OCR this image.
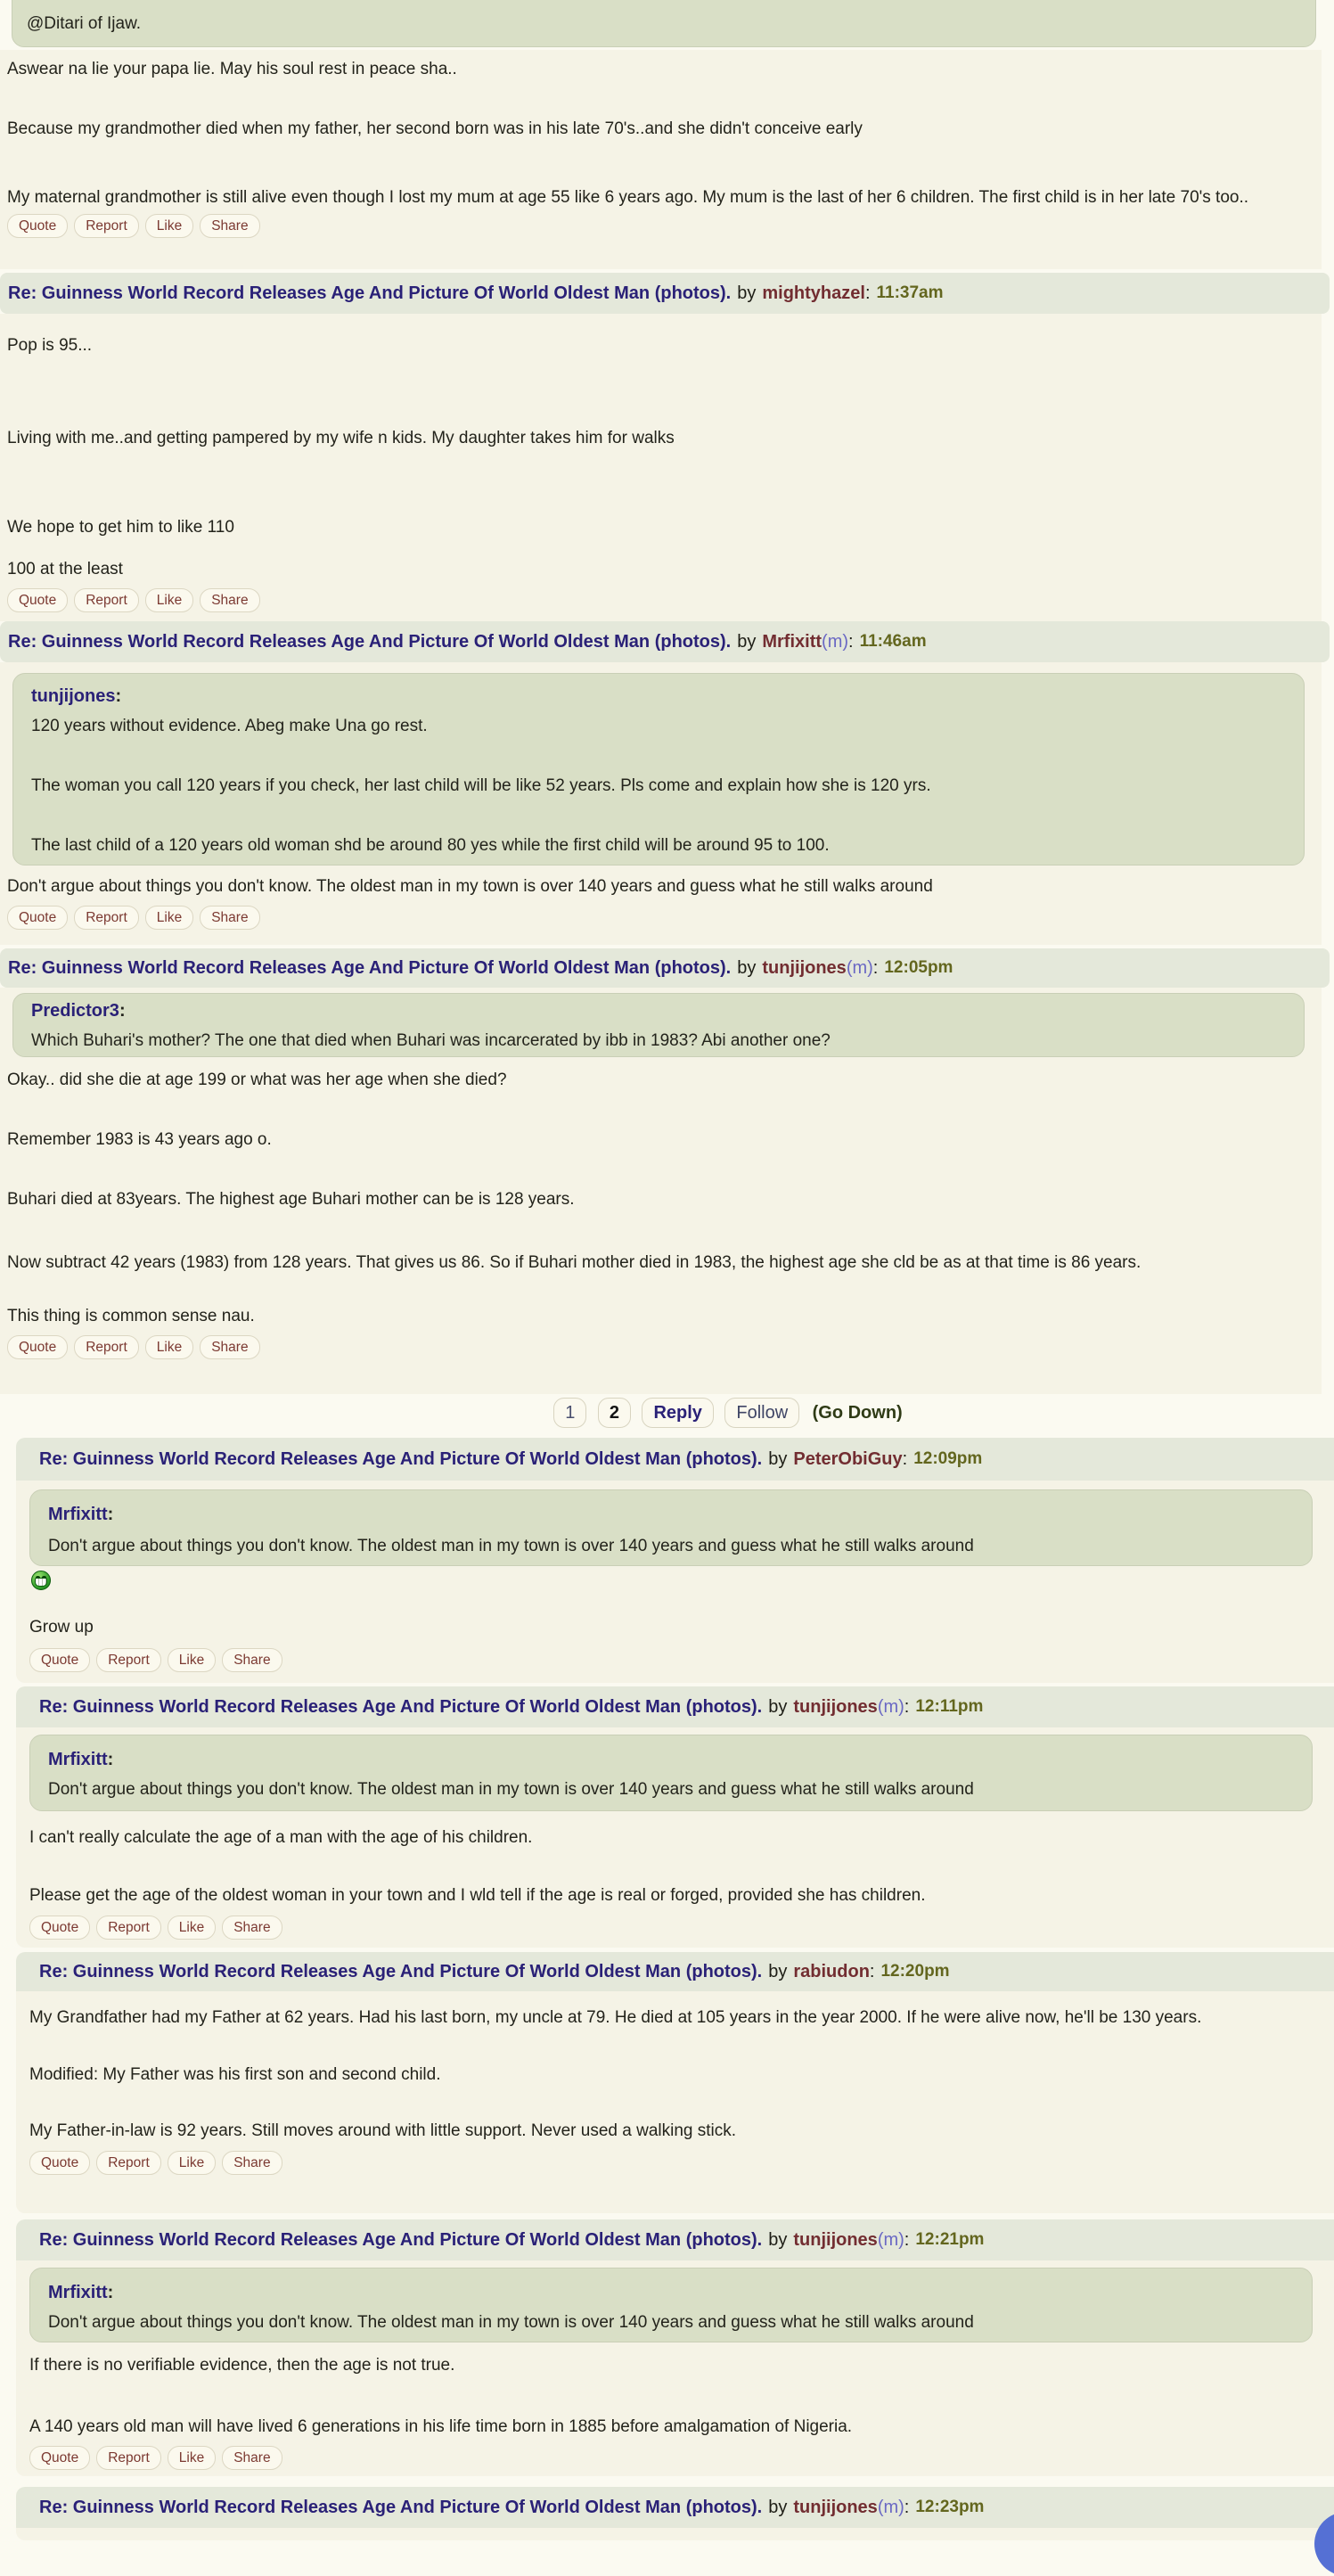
@Ditari of Ijaw.

Aswear na lie your papa lie. May his soul rest in peace sha..

Because my grandmother died when my father, her second born was in his late 70's..and she didn't conceive early

My maternal grandmother is still alive even though I lost my mum at age 55 like 6 years ago. My mum is the last of her 6 children. The first child is in her late 70's too..

Quote	Report	Like	Share
Re: Guinness World Record Releases Age And Picture Of World Oldest Man (photos). by mightyhazel : 11:37am

Pop is 95...

Living with me..and getting pampered by my wife n kids. My daughter takes him for walks

We hope to get him to like 110

100 at the least

Quote	Report	Like	Share
Re: Guinness World Record Releases Age And Picture Of World Oldest Man (photos). by Mrfixitt (m) : 11:46am
tunjijones:

120 years without evidence. Abeg make Una go rest.

The woman you call 120 years if you check, her last child will be like 52 years. Pls come and explain how she is 120 yrs.

The last child of a 120 years old woman shd be around 80 yes while the first child will be around 95 to 100.

Don't argue about things you don't know. The oldest man in my town is over 140 years and guess what he still walks around

Quote	Report	Like	Share
Re: Guinness World Record Releases Age And Picture Of World Oldest Man (photos). by tunjijones (m) : 12:05pm
Predictor3:

Which Buhari's mother? The one that died when Buhari was incarcerated by ibb in 1983? Abi another one?

Okay.. did she die at age 199 or what was her age when she died?

Remember 1983 is 43 years ago o.

Buhari died at 83years. The highest age Buhari mother can be is 128 years.

Now subtract 42 years (1983) from 128 years. That gives us 86. So if Buhari mother died in 1983, the highest age she cld be as at that time is 86 years.

This thing is common sense nau.

Quote	Report	Like	Share
1 2 Reply Follow (Go Down)
Re: Guinness World Record Releases Age And Picture Of World Oldest Man (photos). by PeterObiGuy : 12:09pm
Mrfixitt:

Don't argue about things you don't know. The oldest man in my town is over 140 years and guess what he still walks around

Grow up

Quote	Report	Like	Share
Re: Guinness World Record Releases Age And Picture Of World Oldest Man (photos). by tunjijones (m) : 12:11pm
Mrfixitt:

Don't argue about things you don't know. The oldest man in my town is over 140 years and guess what he still walks around

I can't really calculate the age of a man with the age of his children.

Please get the age of the oldest woman in your town and I wld tell if the age is real or forged, provided she has children.

Quote	Report	Like	Share
Re: Guinness World Record Releases Age And Picture Of World Oldest Man (photos). by rabiudon : 12:20pm

My Grandfather had my Father at 62 years. Had his last born, my uncle at 79. He died at 105 years in the year 2000. If he were alive now, he'll be 130 years.

Modified: My Father was his first son and second child.

My Father-in-law is 92 years. Still moves around with little support. Never used a walking stick.

Quote	Report	Like	Share
Re: Guinness World Record Releases Age And Picture Of World Oldest Man (photos). by tunjijones (m) : 12:21pm
Mrfixitt:

Don't argue about things you don't know. The oldest man in my town is over 140 years and guess what he still walks around

If there is no verifiable evidence, then the age is not true.

A 140 years old man will have lived 6 generations in his life time born in 1885 before amalgamation of Nigeria.

Quote	Report	Like	Share
Re: Guinness World Record Releases Age And Picture Of World Oldest Man (photos). by tunjijones (m) : 12:23pm
